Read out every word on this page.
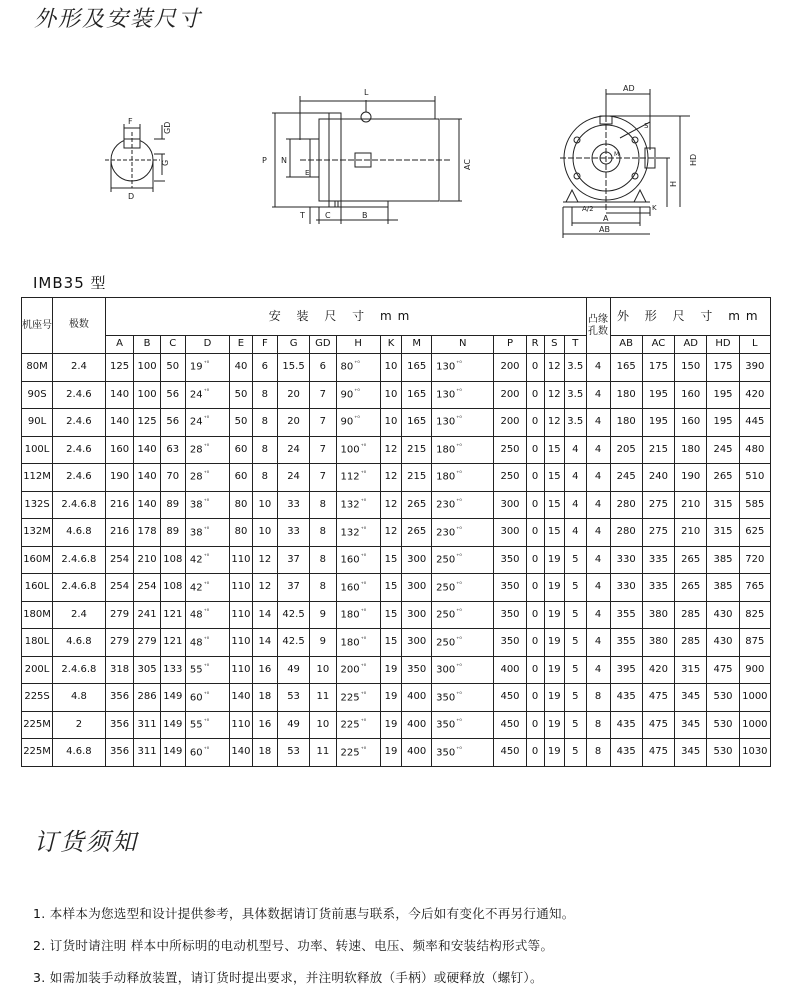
外形及安装尺寸
F
GD
G
D
L
P N
E
AC
T	C	B
AD
HD
H
A/2
A
K
AB
M
S
IMB35 型
机座号	极数	安 装 尺 寸 mm																凸缘孔数	外 形 尺 寸 mm				
		A	B	C	D	E	F	G	GD	H	K	M	N	P	R	S	T		AB	AC	AD	HD	L
80M	2.4	125	100	50	$19^{^{+0}}$	40	6	15.5	6	$80^{^{+0}}$	10	165	$130^{^{+0}}$	200	0	12	3.5	4	165	175	150	175	390
90S	2.4.6	140	100	56	$24^{^{+0}}$	50	8	20	7	$90^{^{+0}}$	10	165	$130^{^{+0}}$	200	0	12	3.5	4	180	195	160	195	420
90L	2.4.6	140	125	56	$24^{^{+0}}$	50	8	20	7	$90^{^{+0}}$	10	165	$130^{^{+0}}$	200	0	12	3.5	4	180	195	160	195	445
100L	2.4.6	160	140	63	$28^{^{+0}}$	60	8	24	7	$100^{^{+0}}$	12	215	$180^{^{+0}}$	250	0	15	4	4	205	215	180	245	480
112M	2.4.6	190	140	70	$28^{^{+0}}$	60	8	24	7	$112^{^{+0}}$	12	215	$180^{^{+0}}$	250	0	15	4	4	245	240	190	265	510
132S	2.4.6.8	216	140	89	$38^{^{+0}}$	80	10	33	8	$132^{^{+0}}$	12	265	$230^{^{+0}}$	300	0	15	4	4	280	275	210	315	585
132M	4.6.8	216	178	89	$38^{^{+0}}$	80	10	33	8	$132^{^{+0}}$	12	265	$230^{^{+0}}$	300	0	15	4	4	280	275	210	315	625
160M	2.4.6.8	254	210	108	$42^{^{+0}}$	110	12	37	8	$160^{^{+0}}$	15	300	$250^{^{+0}}$	350	0	19	5	4	330	335	265	385	720
160L	2.4.6.8	254	254	108	$42^{^{+0}}$	110	12	37	8	$160^{^{+0}}$	15	300	$250^{^{+0}}$	350	0	19	5	4	330	335	265	385	765
180M	2.4	279	241	121	$48^{^{+0}}$	110	14	42.5	9	$180^{^{+0}}$	15	300	$250^{^{+0}}$	350	0	19	5	4	355	380	285	430	825
180L	4.6.8	279	279	121	$48^{^{+0}}$	110	14	42.5	9	$180^{^{+0}}$	15	300	$250^{^{+0}}$	350	0	19	5	4	355	380	285	430	875
200L	2.4.6.8	318	305	133	$55^{^{+0}}$	110	16	49	10	$200^{^{+0}}$	19	350	$300^{^{+0}}$	400	0	19	5	4	395	420	315	475	900
225S	4.8	356	286	149	$60^{^{+0}}$	140	18	53	11	$225^{^{+0}}$	19	400	$350^{^{+0}}$	450	0	19	5	8	435	475	345	530	1000
225M	2	356	311	149	$55^{^{+0}}$	110	16	49	10	$225^{^{+0}}$	19	400	$350^{^{+0}}$	450	0	19	5	8	435	475	345	530	1000
225M	4.6.8	356	311	149	$60^{^{+0}}$	140	18	53	11	$225^{^{+0}}$	19	400	$350^{^{+0}}$	450	0	19	5	8	435	475	345	530	1030
订货须知
1. 本样本为您选型和设计提供参考，具体数据请订货前惠与联系，今后如有变化不再另行通知。
2. 订货时请注明 样本中所标明的电动机型号、功率、转速、电压、频率和安装结构形式等。
3. 如需加装手动释放装置，请订货时提出要求，并注明软释放（手柄）或硬释放（螺钉）。
